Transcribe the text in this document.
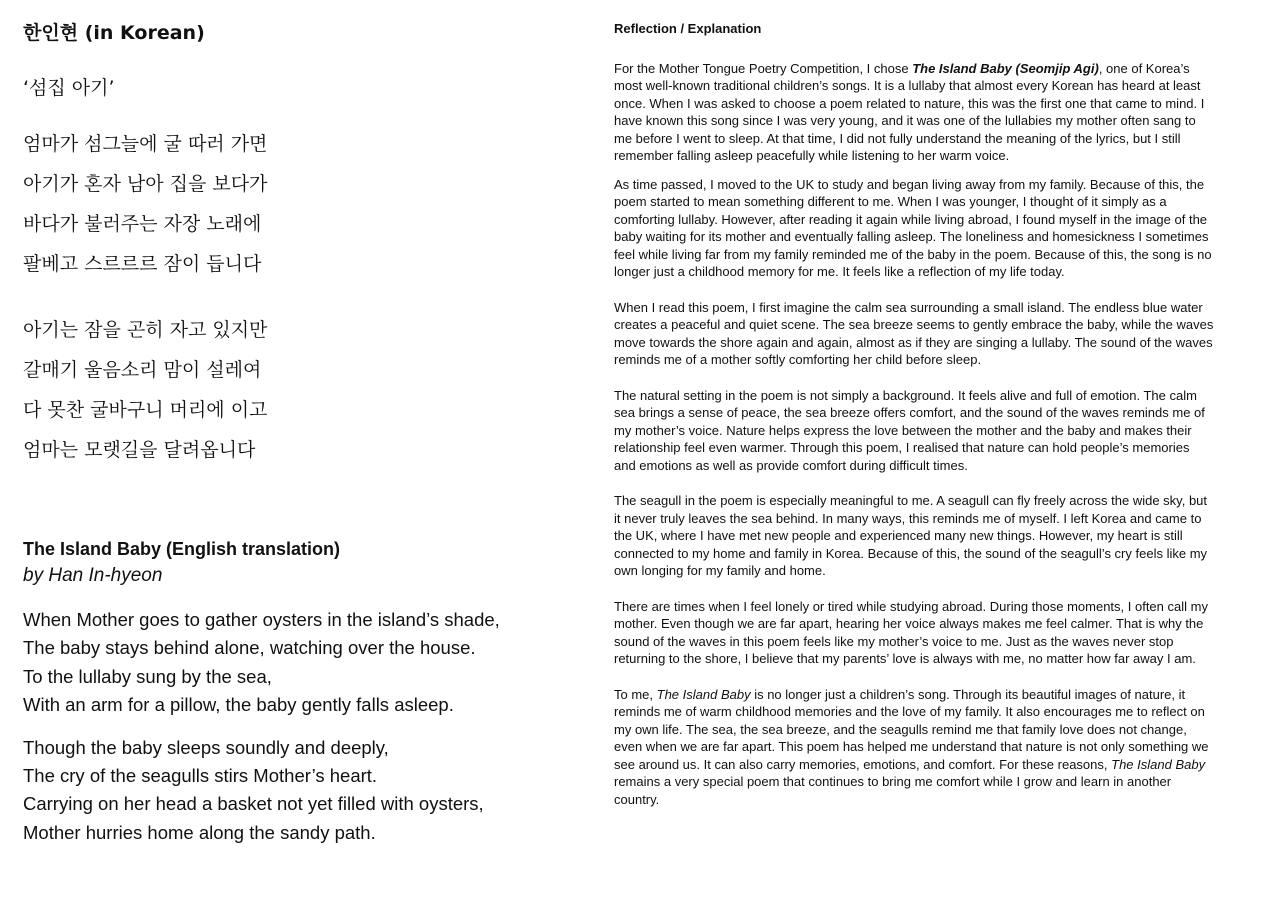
한인현 (in Korean)
‘섬집 아기’
엄마가 섬그늘에 굴 따러 가면
아기가 혼자 남아 집을 보다가
바다가 불러주는 자장 노래에
팔베고 스르르르 잠이 듭니다
아기는 잠을 곤히 자고 있지만
갈매기 울음소리 맘이 설레여
다 못찬 굴바구니 머리에 이고
엄마는 모랫길을 달려옵니다
The Island Baby (English translation)
by Han In-hyeon
When Mother goes to gather oysters in the island’s shade,
The baby stays behind alone, watching over the house.
To the lullaby sung by the sea,
With an arm for a pillow, the baby gently falls asleep.
Though the baby sleeps soundly and deeply,
The cry of the seagulls stirs Mother’s heart.
Carrying on her head a basket not yet filled with oysters,
Mother hurries home along the sandy path.
Reflection / Explanation

For the Mother Tongue Poetry Competition, I chose The Island Baby (Seomjip Agi), one of Korea’s most well-known traditional children’s songs. It is a lullaby that almost every Korean has heard at least once. When I was asked to choose a poem related to nature, this was the first one that came to mind. I have known this song since I was very young, and it was one of the lullabies my mother often sang to me before I went to sleep. At that time, I did not fully understand the meaning of the lyrics, but I still remember falling asleep peacefully while listening to her warm voice.

As time passed, I moved to the UK to study and began living away from my family. Because of this, the poem started to mean something different to me. When I was younger, I thought of it simply as a comforting lullaby. However, after reading it again while living abroad, I found myself in the image of the baby waiting for its mother and eventually falling asleep. The loneliness and homesickness I sometimes feel while living far from my family reminded me of the baby in the poem. Because of this, the song is no longer just a childhood memory for me. It feels like a reflection of my life today.

When I read this poem, I first imagine the calm sea surrounding a small island. The endless blue water creates a peaceful and quiet scene. The sea breeze seems to gently embrace the baby, while the waves move towards the shore again and again, almost as if they are singing a lullaby. The sound of the waves reminds me of a mother softly comforting her child before sleep.

The natural setting in the poem is not simply a background. It feels alive and full of emotion. The calm sea brings a sense of peace, the sea breeze offers comfort, and the sound of the waves reminds me of my mother’s voice. Nature helps express the love between the mother and the baby and makes their relationship feel even warmer. Through this poem, I realised that nature can hold people’s memories and emotions as well as provide comfort during difficult times.

The seagull in the poem is especially meaningful to me. A seagull can fly freely across the wide sky, but it never truly leaves the sea behind. In many ways, this reminds me of myself. I left Korea and came to the UK, where I have met new people and experienced many new things. However, my heart is still connected to my home and family in Korea. Because of this, the sound of the seagull’s cry feels like my own longing for my family and home.

There are times when I feel lonely or tired while studying abroad. During those moments, I often call my mother. Even though we are far apart, hearing her voice always makes me feel calmer. That is why the sound of the waves in this poem feels like my mother’s voice to me. Just as the waves never stop returning to the shore, I believe that my parents’ love is always with me, no matter how far away I am.

To me, The Island Baby is no longer just a children’s song. Through its beautiful images of nature, it reminds me of warm childhood memories and the love of my family. It also encourages me to reflect on my own life. The sea, the sea breeze, and the seagulls remind me that family love does not change, even when we are far apart. This poem has helped me understand that nature is not only something we see around us. It can also carry memories, emotions, and comfort. For these reasons, The Island Baby remains a very special poem that continues to bring me comfort while I grow and learn in another country.
